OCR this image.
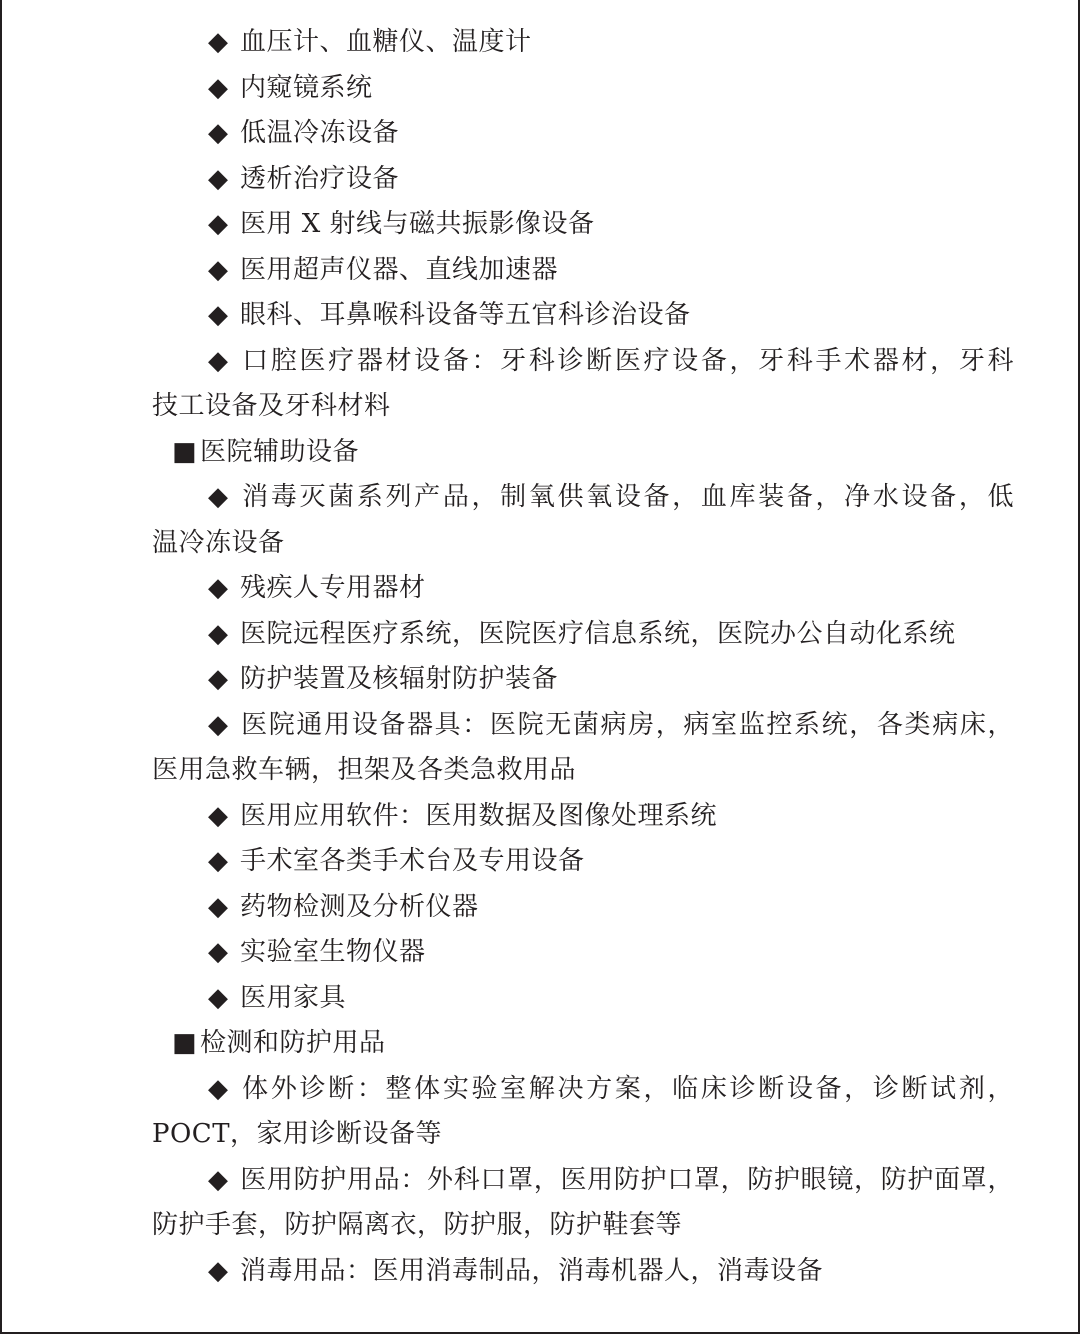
◆ 血压计、血糖仪、温度计
◆ 内窥镜系统
◆ 低温冷冻设备
◆ 透析治疗设备
◆ 医用 X 射线与磁共振影像设备
◆ 医用超声仪器、直线加速器
◆ 眼科、耳鼻喉科设备等五官科诊治设备
◆ 口腔医疗器材设备：牙科诊断医疗设备，牙科手术器材，牙科
技工设备及牙科材料
■ 医院辅助设备
◆ 消毒灭菌系列产品，制氧供氧设备，血库装备，净水设备，低
温冷冻设备
◆ 残疾人专用器材
◆ 医院远程医疗系统，医院医疗信息系统，医院办公自动化系统
◆ 防护装置及核辐射防护装备
◆ 医院通用设备器具：医院无菌病房，病室监控系统，各类病床，
医用急救车辆，担架及各类急救用品
◆ 医用应用软件：医用数据及图像处理系统
◆ 手术室各类手术台及专用设备
◆ 药物检测及分析仪器
◆ 实验室生物仪器
◆ 医用家具
■ 检测和防护用品
◆ 体外诊断：整体实验室解决方案，临床诊断设备，诊断试剂，
POCT，家用诊断设备等
◆ 医用防护用品：外科口罩，医用防护口罩，防护眼镜，防护面罩，
防护手套，防护隔离衣，防护服，防护鞋套等
◆ 消毒用品：医用消毒制品，消毒机器人，消毒设备
